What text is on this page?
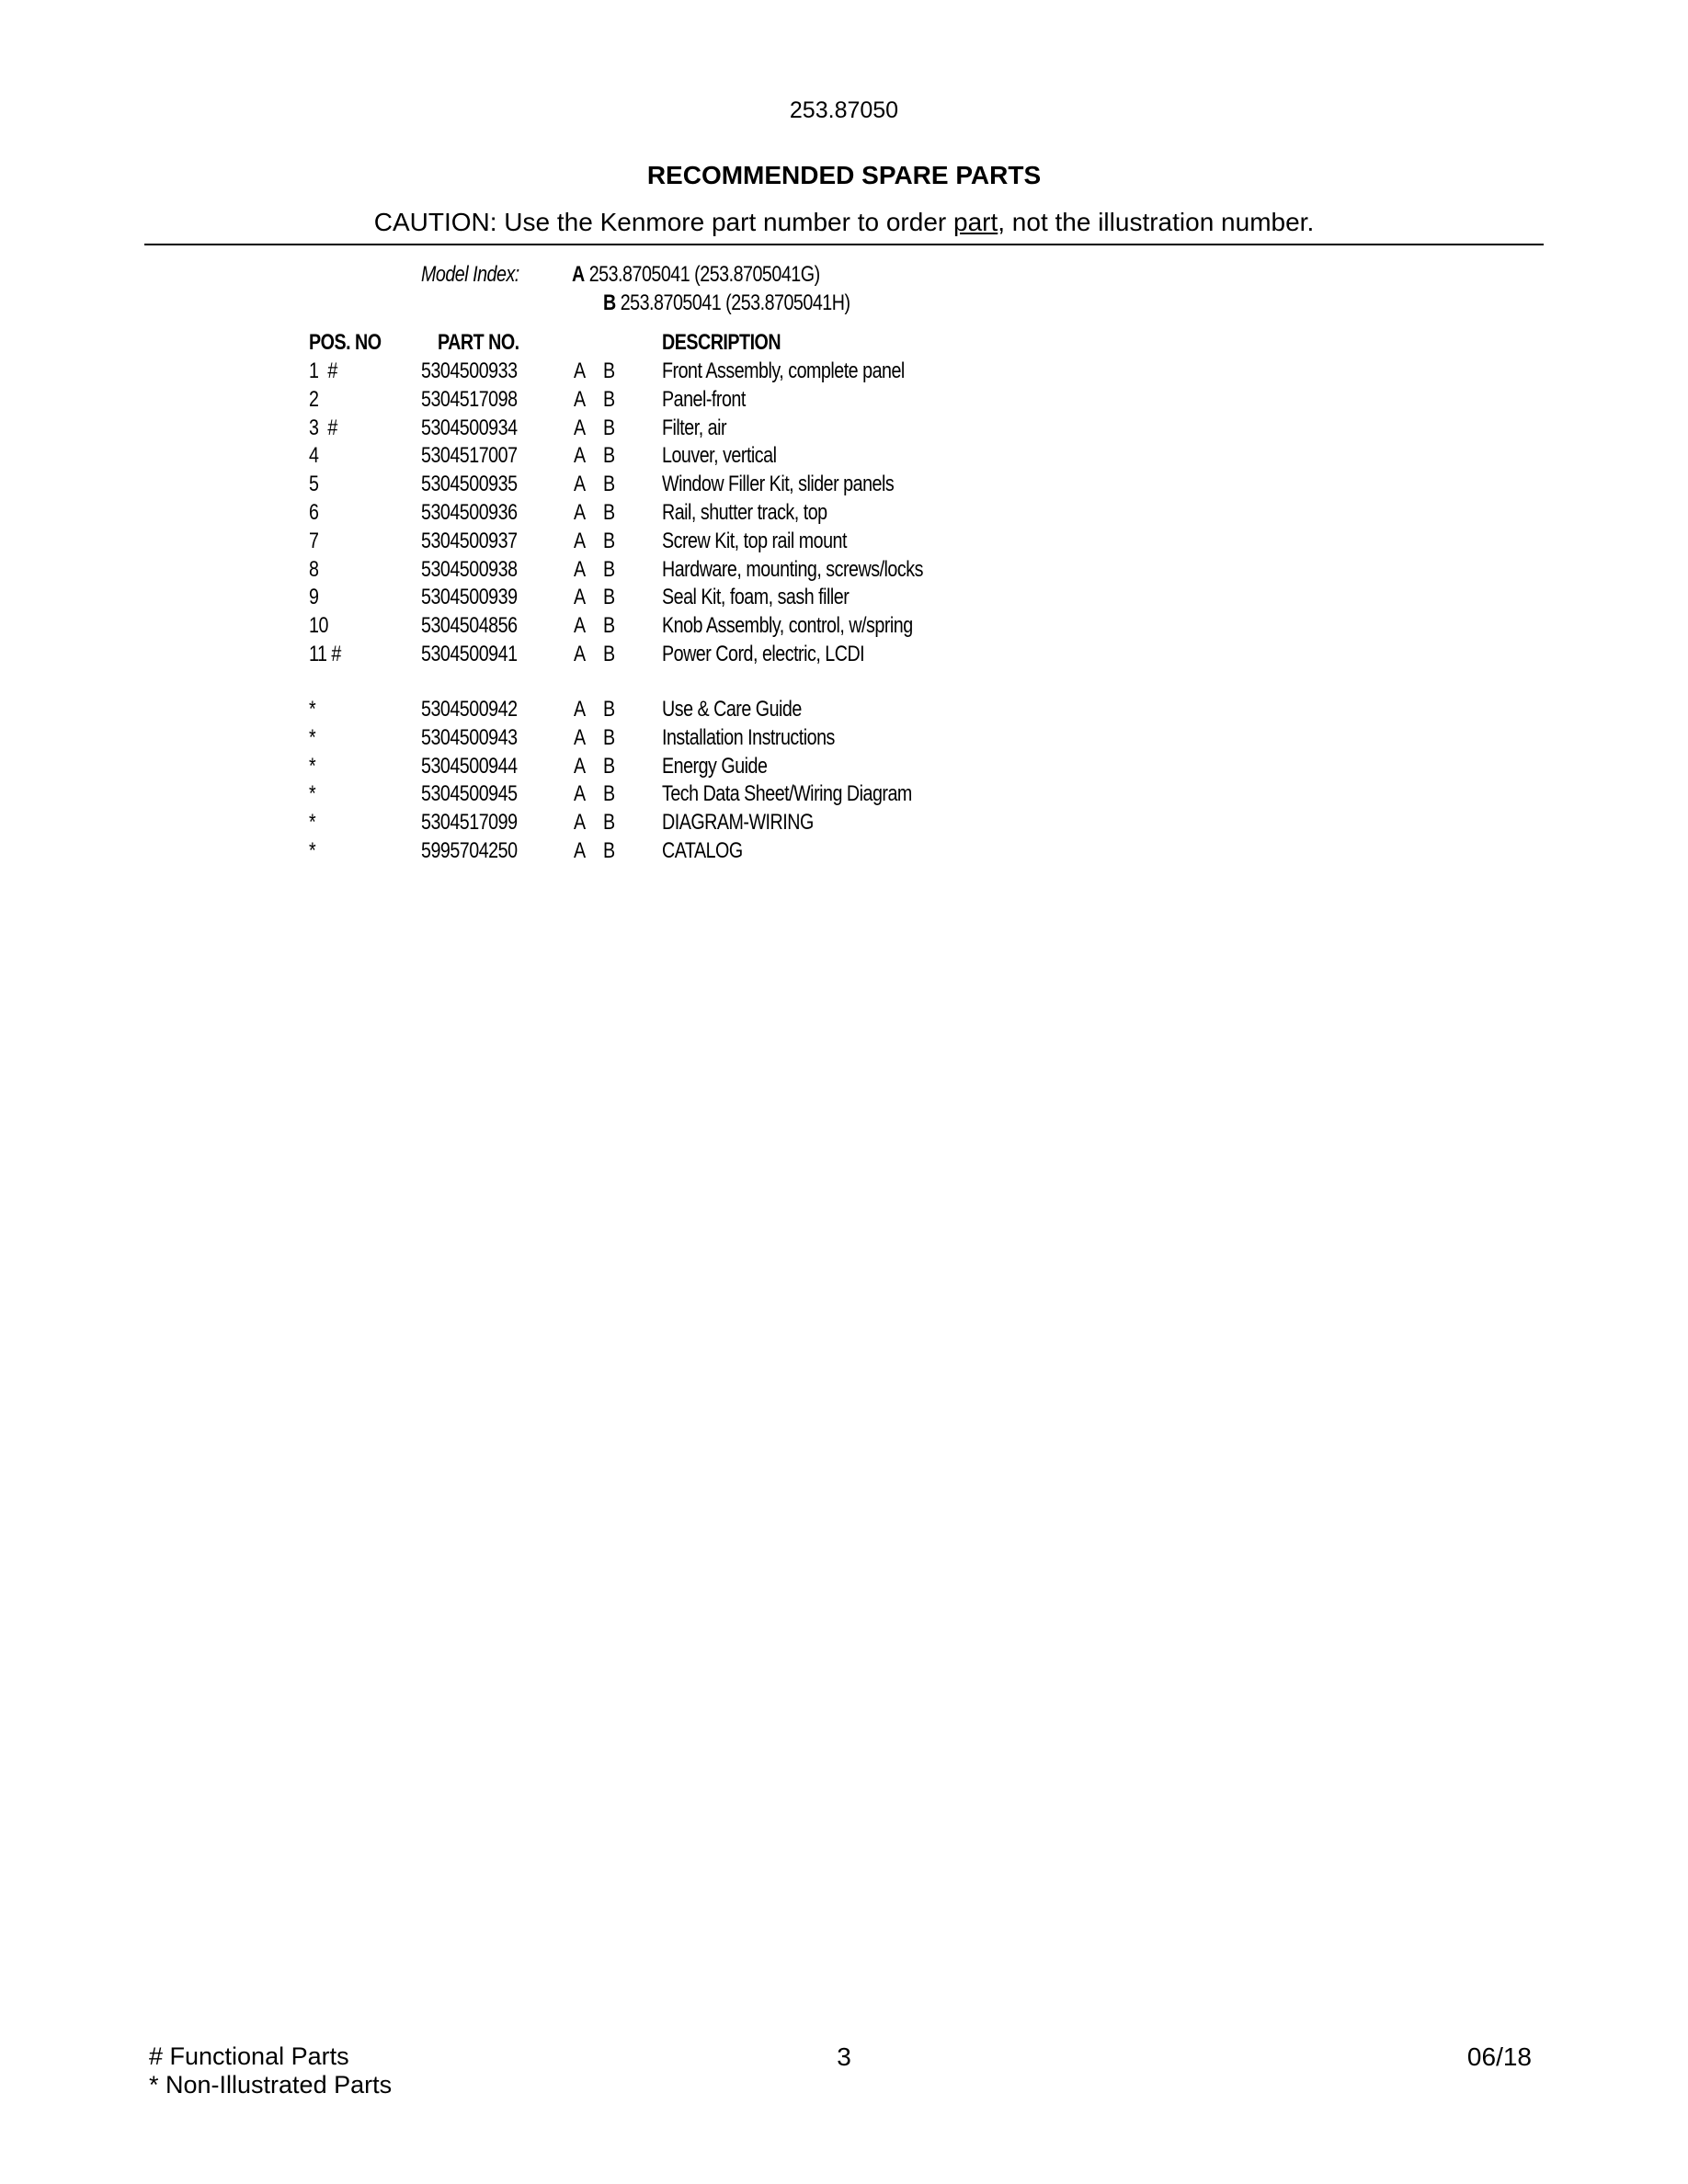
253.87050
RECOMMENDED SPARE PARTS
CAUTION: Use the Kenmore part number to order part, not the illustration number.
Model Index: A 253.8705041 (253.8705041G)
B 253.8705041 (253.8705041H)
POS. NO	PART NO.	DESCRIPTION
1  #	5304500933	A B Front Assembly, complete panel
2	5304517098	A B Panel-front
3  #	5304500934	A B Filter, air
4	5304517007	A B Louver, vertical
5	5304500935	A B Window Filler Kit, slider panels
6	5304500936	A B Rail, shutter track, top
7	5304500937	A B Screw Kit, top rail mount
8	5304500938	A B Hardware, mounting, screws/locks
9	5304500939	A B Seal Kit, foam, sash filler
10	5304504856	A B Knob Assembly, control, w/spring
11 #	5304500941	A B Power Cord, electric, LCDI
*	5304500942	A B Use & Care Guide
*	5304500943	A B Installation Instructions
*	5304500944	A B Energy Guide
*	5304500945	A B Tech Data Sheet/Wiring Diagram
*	5304517099	A B DIAGRAM-WIRING
*	5995704250	A B CATALOG
# Functional Parts
* Non-Illustrated Parts
3	06/18
